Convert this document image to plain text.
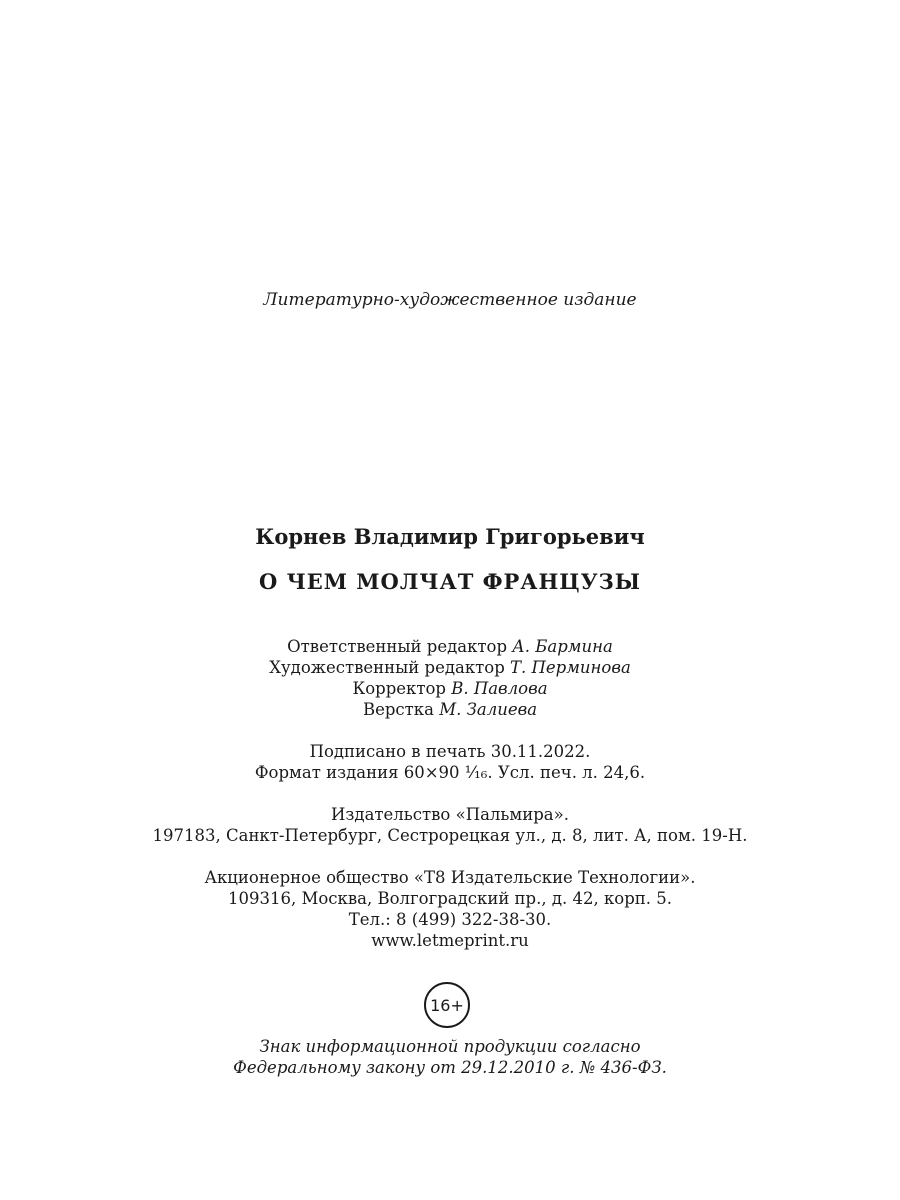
Литературно-художественное издание
Корнев Владимир Григорьевич
О ЧЕМ МОЛЧАТ ФРАНЦУЗЫ
Ответственный редактор А. Бармина
Художественный редактор Т. Перминова
Корректор В. Павлова
Верстка М. Залиева
Подписано в печать 30.11.2022.
Формат издания 60×90 ¹⁄₁₆. Усл. печ. л. 24,6.
Издательство «Пальмира».
197183, Санкт-Петербург, Сестрорецкая ул., д. 8, лит. А, пом. 19-Н.
Акционерное общество «Т8 Издательские Технологии».
109316, Москва, Волгоградский пр., д. 42, корп. 5.
Тел.: 8 (499) 322-38-30.
www.letmeprint.ru
16+
Знак информационной продукции согласно
Федеральному закону от 29.12.2010 г. № 436-ФЗ.
